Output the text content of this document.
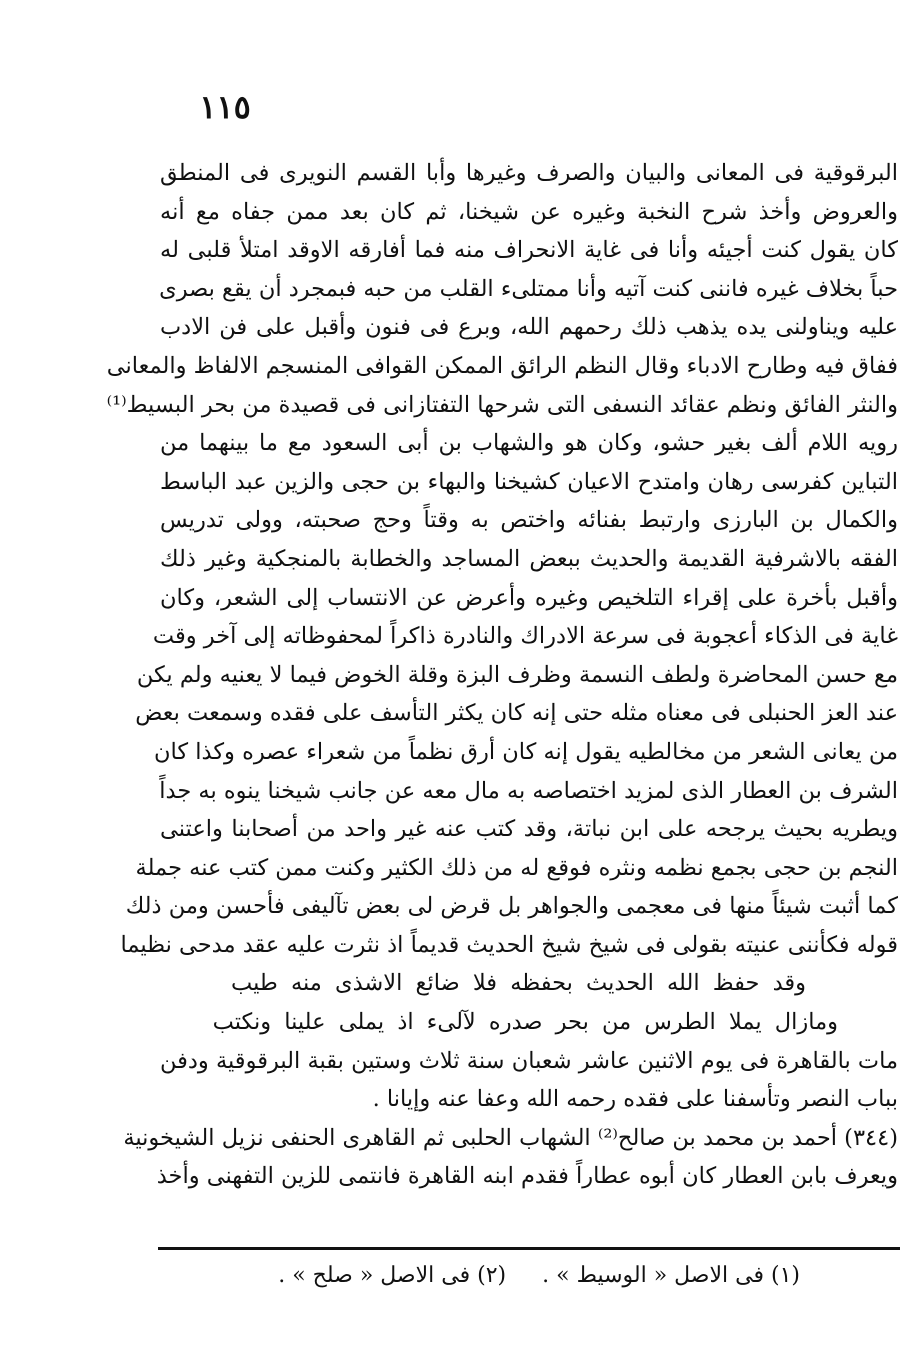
١١٥
البرقوقية فى المعانى والبيان والصرف وغيرها وأبا القسم النويرى فى المنطق
والعروض وأخذ شرح النخبة وغيره عن شيخنا، ثم كان بعد ممن جفاه مع أنه
كان يقول كنت أجيئه وأنا فى غاية الانحراف منه فما أفارقه الاوقد امتلأ قلبى له
حباً بخلاف غيره فاننى كنت آتيه وأنا ممتلىء القلب من حبه فبمجرد أن يقع بصرى
عليه ويناولنى يده يذهب ذلك رحمهم الله، وبرع فى فنون وأقبل على فن الادب
ففاق فيه وطارح الادباء وقال النظم الرائق الممكن القوافى المنسجم الالفاظ والمعانى
والنثر الفائق ونظم عقائد النسفى التى شرحها التفتازانى فى قصيدة من بحر البسيط⁽¹⁾
رويه اللام ألف بغير حشو، وكان هو والشهاب بن أبى السعود مع ما بينهما من
التباين كفرسى رهان وامتدح الاعيان كشيخنا والبهاء بن حجى والزين عبد الباسط
والكمال بن البارزى وارتبط بفنائه واختص به وقتاً وحج صحبته، وولى تدريس
الفقه بالاشرفية القديمة والحديث ببعض المساجد والخطابة بالمنجكية وغير ذلك
وأقبل بأخرة على إقراء التلخيص وغيره وأعرض عن الانتساب إلى الشعر، وكان
غاية فى الذكاء أعجوبة فى سرعة الادراك والنادرة ذاكراً لمحفوظاته إلى آخر وقت
مع حسن المحاضرة ولطف النسمة وظرف البزة وقلة الخوض فيما لا يعنيه ولم يكن
عند العز الحنبلى فى معناه مثله حتى إنه كان يكثر التأسف على فقده وسمعت بعض
من يعانى الشعر من مخالطيه يقول إنه كان أرق نظماً من شعراء عصره وكذا كان
الشرف بن العطار الذى لمزيد اختصاصه به مال معه عن جانب شيخنا ينوه به جداً
ويطريه بحيث يرجحه على ابن نباتة، وقد كتب عنه غير واحد من أصحابنا واعتنى
النجم بن حجى بجمع نظمه ونثره فوقع له من ذلك الكثير وكنت ممن كتب عنه جملة
كما أثبت شيئاً منها فى معجمى والجواهر بل قرض لى بعض تآليفى فأحسن ومن ذلك
قوله فكأننى عنيته بقولى فى شيخ شيخ الحديث قديماً اذ نثرت عليه عقد مدحى نظيما
وقد حفظ الله الحديث بحفظه فلا ضائع الاشذى منه طيب
ومازال يملا الطرس من بحر صدره لآلىء اذ يملى علينا ونكتب
مات بالقاهرة فى يوم الاثنين عاشر شعبان سنة ثلاث وستين بقبة البرقوقية ودفن
بباب النصر وتأسفنا على فقده رحمه الله وعفا عنه وإيانا .
(٣٤٤) أحمد بن محمد بن صالح⁽²⁾ الشهاب الحلبى ثم القاهرى الحنفى نزيل الشيخونية
ويعرف بابن العطار كان أبوه عطاراً فقدم ابنه القاهرة فانتمى للزين التفهنى وأخذ
(١) فى الاصل « الوسيط » .(٢) فى الاصل « صلح » .
